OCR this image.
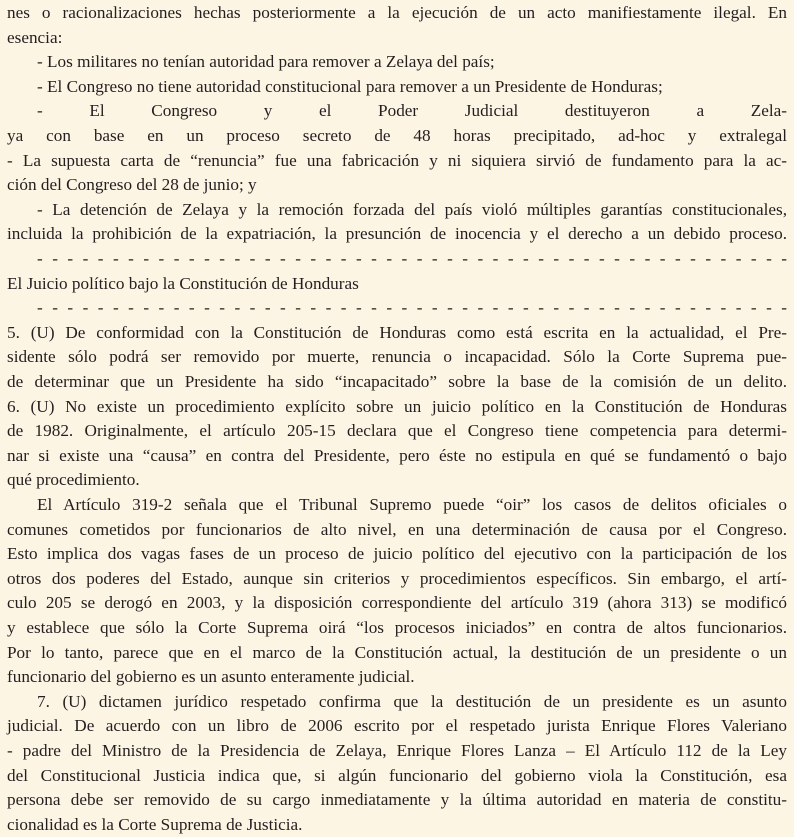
nes o racionalizaciones hechas posteriormente a la ejecución de un acto manifiestamente ilegal. En
esencia:
- Los militares no tenían autoridad para remover a Zelaya del país;
- El Congreso no tiene autoridad constitucional para remover a un Presidente de Honduras;
- El Congreso y el Poder Judicial destituyeron a Zela-
ya con base en un proceso secreto de 48 horas precipitado, ad-hoc y extralegal
- La supuesta carta de “renuncia” fue una fabricación y ni siquiera sirvió de fundamento para la ac-
ción del Congreso del 28 de junio; y
- La detención de Zelaya y la remoción forzada del país violó múltiples garantías constitucionales,
incluida la prohibición de la expatriación, la presunción de inocencia y el derecho a un debido proceso.
- - - - - - - - - - - - - - - - - - - - - - - - - - - - - - - - - - - - - - - - - - - - - - - - - -
El Juicio político bajo la Constitución de Honduras
- - - - - - - - - - - - - - - - - - - - - - - - - - - - - - - - - - - - - - - - - - - - - - - - - -
5. (U) De conformidad con la Constitución de Honduras como está escrita en la actualidad, el Pre-
sidente sólo podrá ser removido por muerte, renuncia o incapacidad. Sólo la Corte Suprema pue-
de determinar que un Presidente ha sido “incapacitado” sobre la base de la comisión de un delito.
6. (U) No existe un procedimiento explícito sobre un juicio político en la Constitución de Honduras
de 1982. Originalmente, el artículo 205-15 declara que el Congreso tiene competencia para determi-
nar si existe una “causa” en contra del Presidente, pero éste no estipula en qué se fundamentó o bajo
qué procedimiento.
El Artículo 319-2 señala que el Tribunal Supremo puede “oir” los casos de delitos oficiales o
comunes cometidos por funcionarios de alto nivel, en una determinación de causa por el Congreso.
Esto implica dos vagas fases de un proceso de juicio político del ejecutivo con la participación de los
otros dos poderes del Estado, aunque sin criterios y procedimientos específicos. Sin embargo, el artí-
culo 205 se derogó en 2003, y la disposición correspondiente del artículo 319 (ahora 313) se modificó
y establece que sólo la Corte Suprema oirá “los procesos iniciados” en contra de altos funcionarios.
Por lo tanto, parece que en el marco de la Constitución actual, la destitución de un presidente o un
funcionario del gobierno es un asunto enteramente judicial.
7. (U) dictamen jurídico respetado confirma que la destitución de un presidente es un asunto
judicial. De acuerdo con un libro de 2006 escrito por el respetado jurista Enrique Flores Valeriano
- padre del Ministro de la Presidencia de Zelaya, Enrique Flores Lanza – El Artículo 112 de la Ley
del Constitucional Justicia indica que, si algún funcionario del gobierno viola la Constitución, esa
persona debe ser removido de su cargo inmediatamente y la última autoridad en materia de constitu-
cionalidad es la Corte Suprema de Justicia.
